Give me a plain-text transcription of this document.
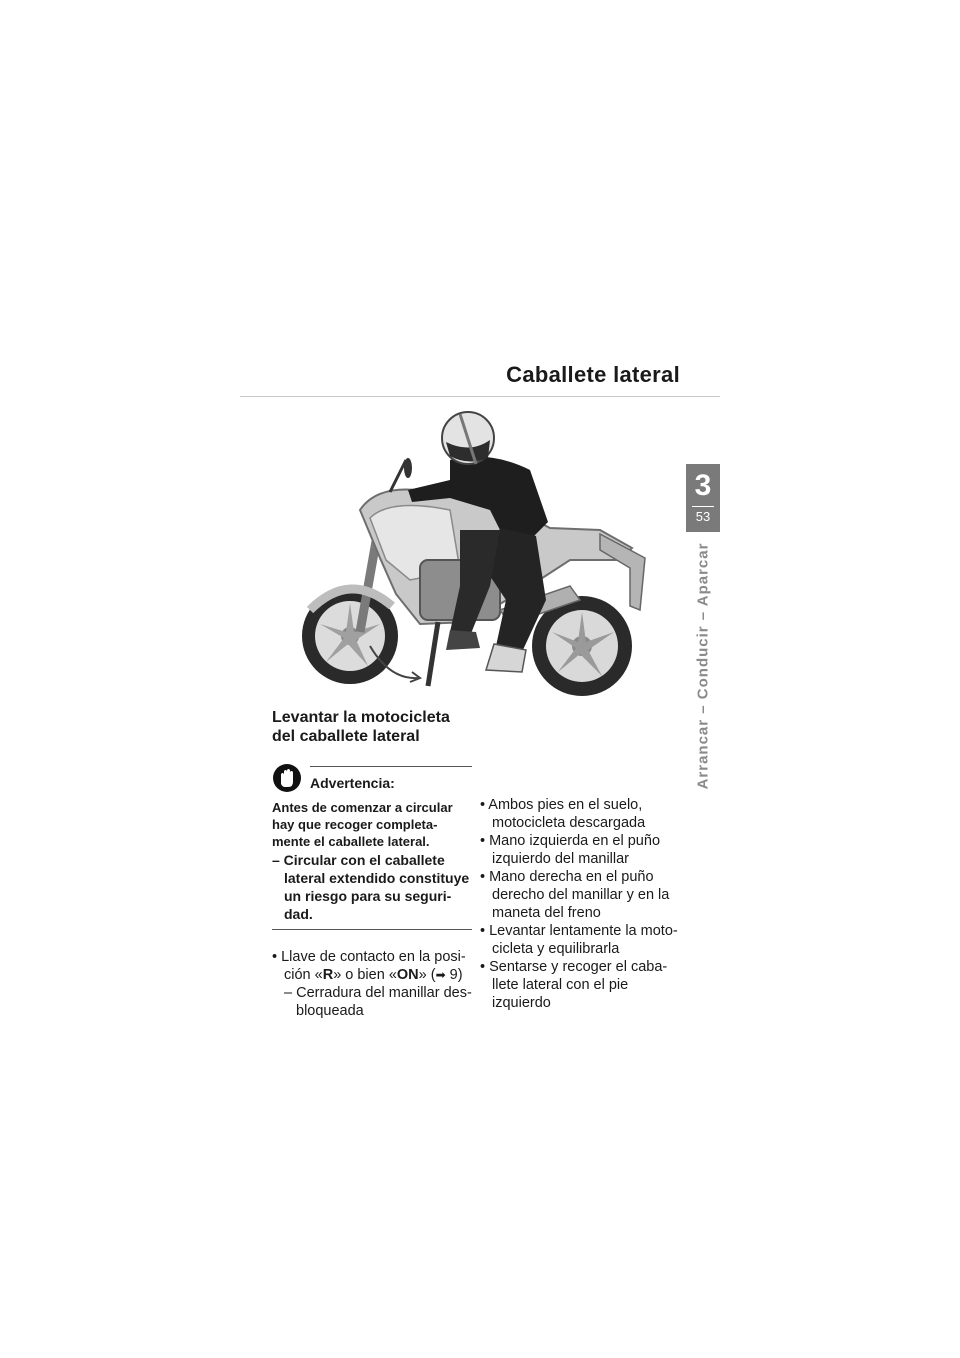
Caballete lateral
3
53
Arrancar – Conducir – Aparcar
Levantar la motocicleta
del caballete lateral
Advertencia:
Antes de comenzar a circular hay que recoger completa-mente el caballete lateral.
– Circular con el caballete lateral extendido constituye un riesgo para su seguri-dad.
• Llave de contacto en la posi-ción «R» o bien «ON» (➡ 9)
– Cerradura del manillar des-bloqueada
• Ambos pies en el suelo, motocicleta descargada
• Mano izquierda en el puño izquierdo del manillar
• Mano derecha en el puño derecho del manillar y en la maneta del freno
• Levantar lentamente la moto-cicleta y equilibrarla
• Sentarse y recoger el caba-llete lateral con el pie izquierdo
